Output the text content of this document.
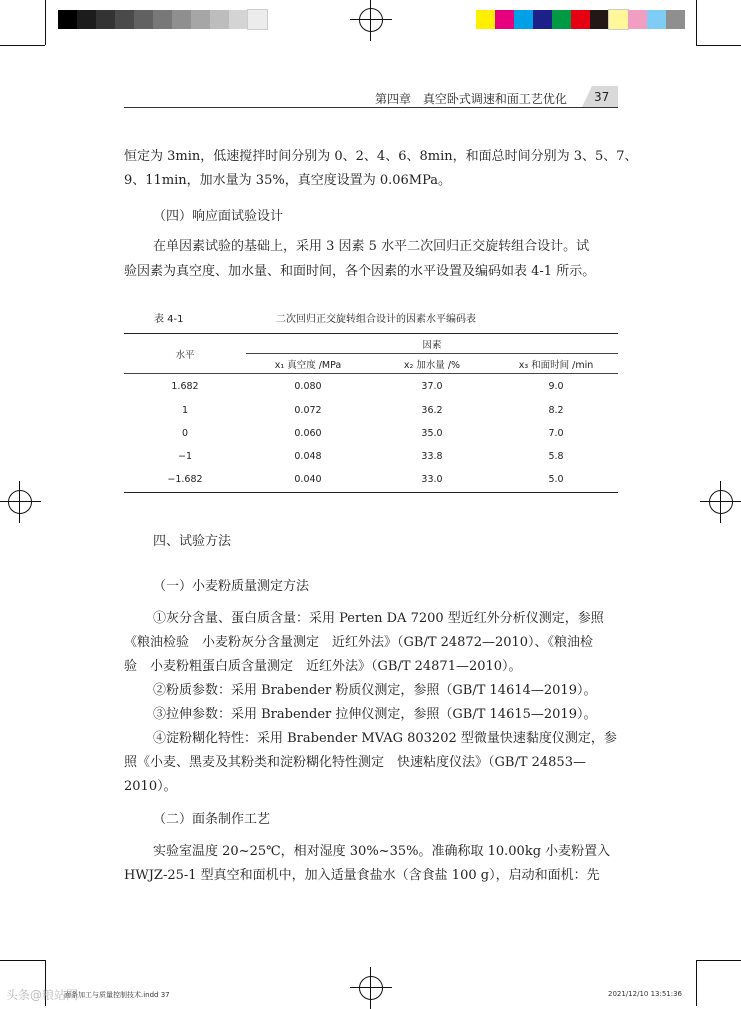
第四章 真空卧式调速和面工艺优化 37
恒定为 3min，低速搅拌时间分别为 0、2、4、6、8min，和面总时间分别为 3、5、7、
9、11min，加水量为 35%，真空度设置为 0.06MPa。
（四）响应面试验设计
在单因素试验的基础上，采用 3 因素 5 水平二次回归正交旋转组合设计。试
验因素为真空度、加水量、和面时间，各个因素的水平设置及编码如表 4-1 所示。
表 4-1	二次回归正交旋转组合设计的因素水平编码表
水平	因素		
	x₁ 真空度 /MPa	x₂ 加水量 /%	x₃ 和面时间 /min
1.682	0.080	37.0	9.0
1	0.072	36.2	8.2
0	0.060	35.0	7.0
−1	0.048	33.8	5.8
−1.682	0.040	33.0	5.0
四、试验方法
（一）小麦粉质量测定方法
①灰分含量、蛋白质含量：采用 Perten DA 7200 型近红外分析仪测定，参照
《粮油检验　小麦粉灰分含量测定　近红外法》（GB/T 24872—2010）、《粮油检
验　小麦粉粗蛋白质含量测定　近红外法》（GB/T 24871—2010）。
②粉质参数：采用 Brabender 粉质仪测定，参照（GB/T 14614—2019）。
③拉伸参数：采用 Brabender 拉伸仪测定，参照（GB/T 14615—2019）。
④淀粉糊化特性：采用 Brabender MVAG 803202 型微量快速黏度仪测定，参
照《小麦、黑麦及其粉类和淀粉糊化特性测定　快速粘度仪法》（GB/T 24853—
2010）。
（二）面条制作工艺
实验室温度 20~25℃，相对湿度 30%~35%。准确称取 10.00kg 小麦粉置入
HWJZ-25-1 型真空和面机中，加入适量食盐水（含食盐 100 g），启动和面机：先
头条@粮站网
面条加工与质量控制技术.indd 37	2021/12/10 13:51:36
